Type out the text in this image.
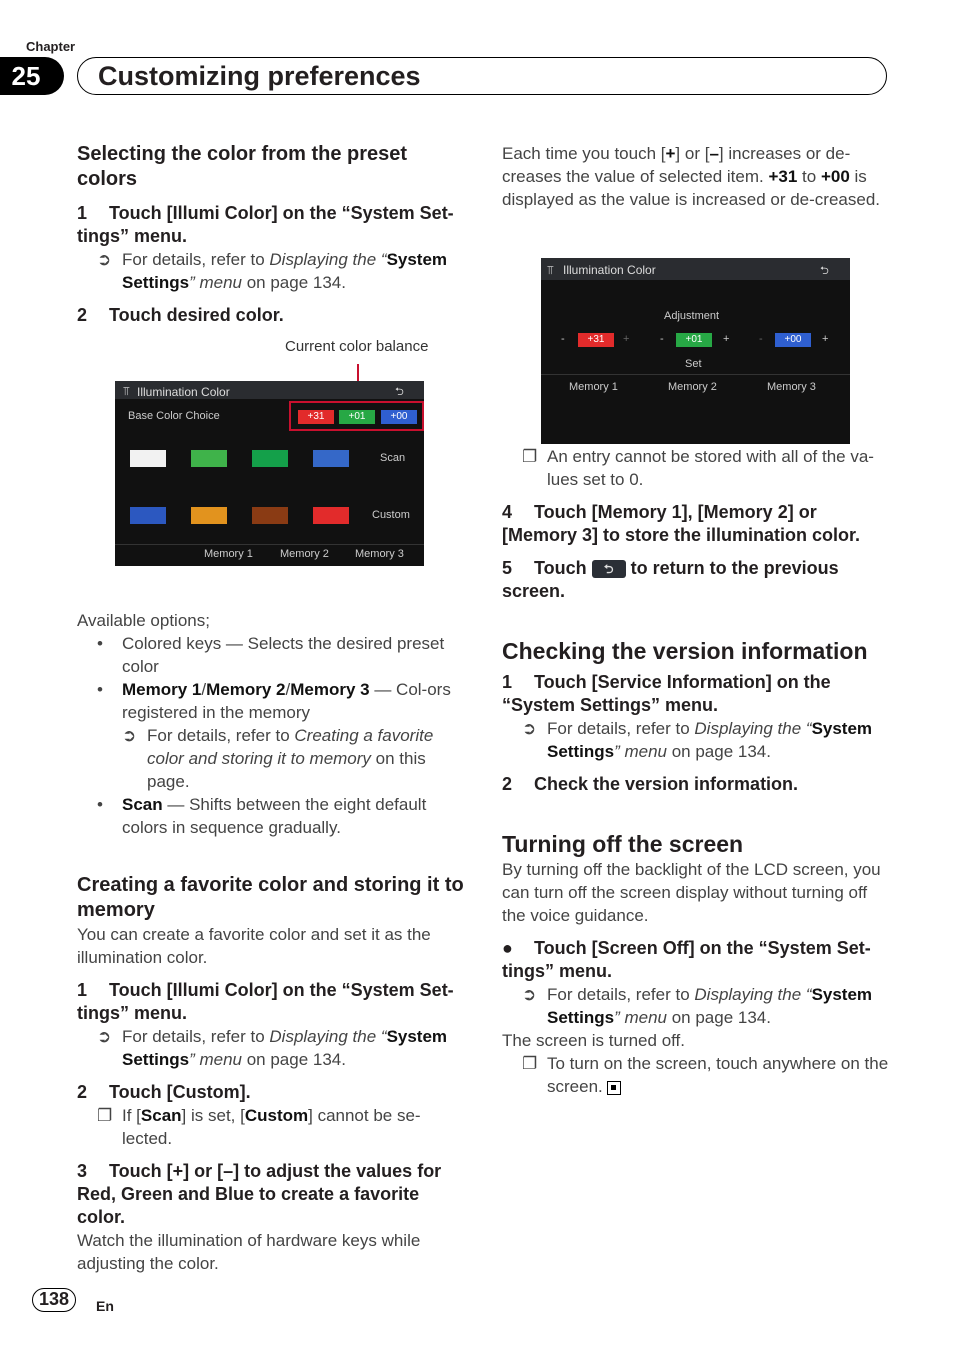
Chapter
25	Customizing preferences
Selecting the color from the preset colors
1 Touch [Illumi Color] on the “System Set-tings” menu.
➲ For details, refer to Displaying the “System Settings” menu on page 134.
2 Touch desired color.
Available options;
• Colored keys — Selects the desired preset color
• Memory 1/Memory 2/Memory 3 — Col-ors registered in the memory
➲ For details, refer to Creating a favorite color and storing it to memory on this page.
• Scan — Shifts between the eight default colors in sequence gradually.
Creating a favorite color and storing it to memory
You can create a favorite color and set it as the illumination color.
1 Touch [Illumi Color] on the “System Set-tings” menu.
➲ For details, refer to Displaying the “System Settings” menu on page 134.
2 Touch [Custom].
❐ If [Scan] is set, [Custom] cannot be se-lected.
3 Touch [+] or [–] to adjust the values for Red, Green and Blue to create a favorite color.
Watch the illumination of hardware keys while adjusting the color.
Current color balance
⫪ Illumination Color	⮌
Base Color Choice	+31	+01	+00
Scan
Custom
Memory 1 Memory 2 Memory 3
Each time you touch [+] or [–] increases or de-creases the value of selected item. +31 to +00 is displayed as the value is increased or de-creased.
❐ An entry cannot be stored with all of the va-lues set to 0.
4 Touch [Memory 1], [Memory 2] or [Memory 3] to store the illumination color.
5 Touch ⮌ to return to the previous screen.
Checking the version information
1 Touch [Service Information] on the “System Settings” menu.
➲ For details, refer to Displaying the “System Settings” menu on page 134.
2 Check the version information.
Turning off the screen
By turning off the backlight of the LCD screen, you can turn off the screen display without turning off the voice guidance.
● Touch [Screen Off] on the “System Set-tings” menu.
➲ For details, refer to Displaying the “System Settings” menu on page 134.
The screen is turned off.
❐ To turn on the screen, touch anywhere on the screen.
⫪ Illumination Color	⮌
Adjustment
-	+31	+	-	+01	+	-	+00	+
Set
Memory 1	Memory 2	Memory 3
138	En
